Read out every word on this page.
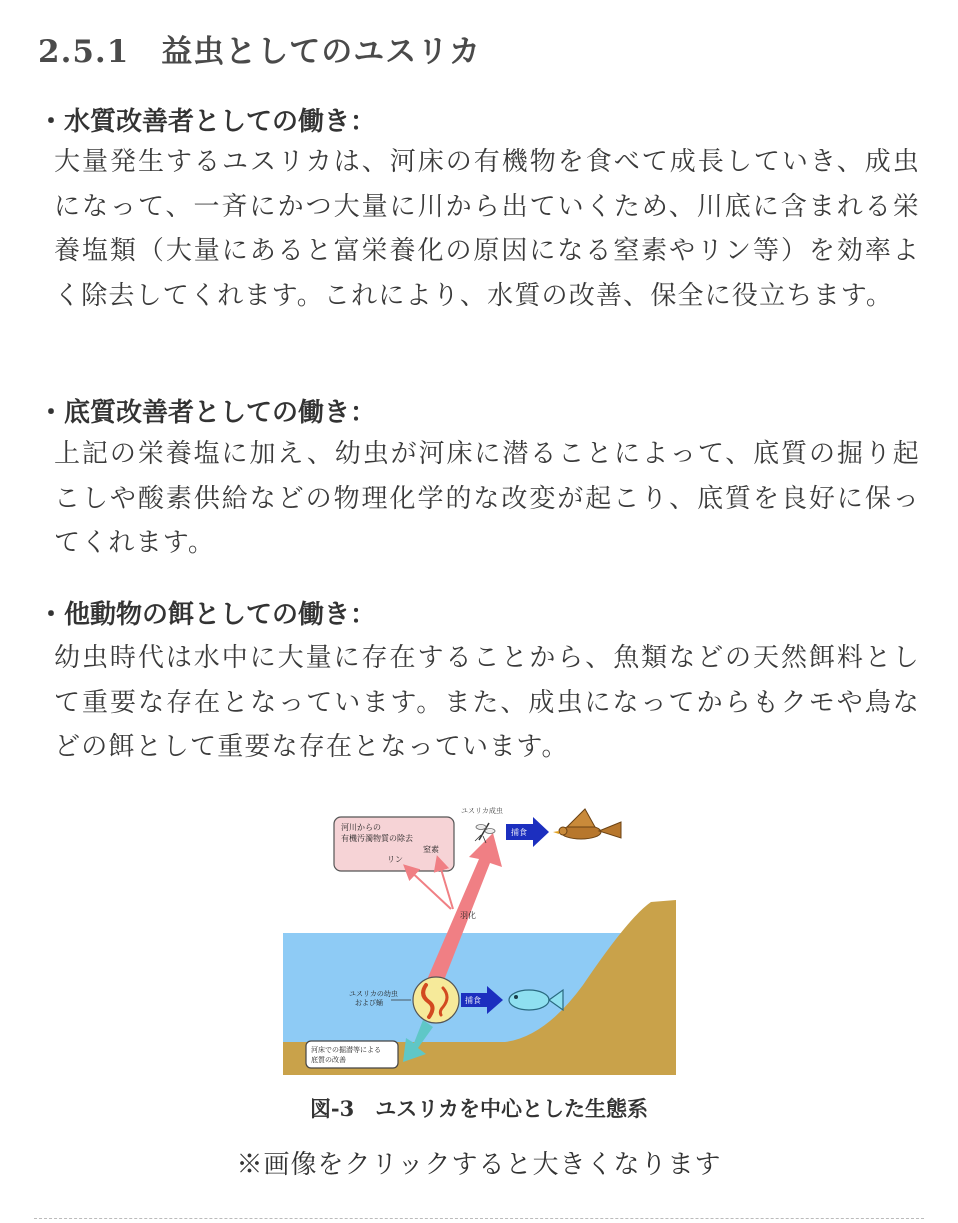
2.5.1　益虫としてのユスリカ
・水質改善者としての働き：

大量発生するユスリカは、河床の有機物を食べて成長していき、成虫になって、一斉にかつ大量に川から出ていくため、川底に含まれる栄養塩類（大量にあると富栄養化の原因になる窒素やリン等）を効率よく除去してくれます。これにより、水質の改善、保全に役立ちます。

・底質改善者としての働き：

上記の栄養塩に加え、幼虫が河床に潜ることによって、底質の掘り起こしや酸素供給などの物理化学的な改変が起こり、底質を良好に保ってくれます。

・他動物の餌としての働き：

幼虫時代は水中に大量に存在することから、魚類などの天然餌料として重要な存在となっています。また、成虫になってからもクモや鳥などの餌として重要な存在となっています。

河川からの
有機汚濁物質の除去
窒素
リン
羽化
ユスリカ成虫
捕食
ユスリカの幼虫
および蛹	捕食
河床での掘潜等による
底質の改善
図-3　ユスリカを中心とした生態系
※画像をクリックすると大きくなります
